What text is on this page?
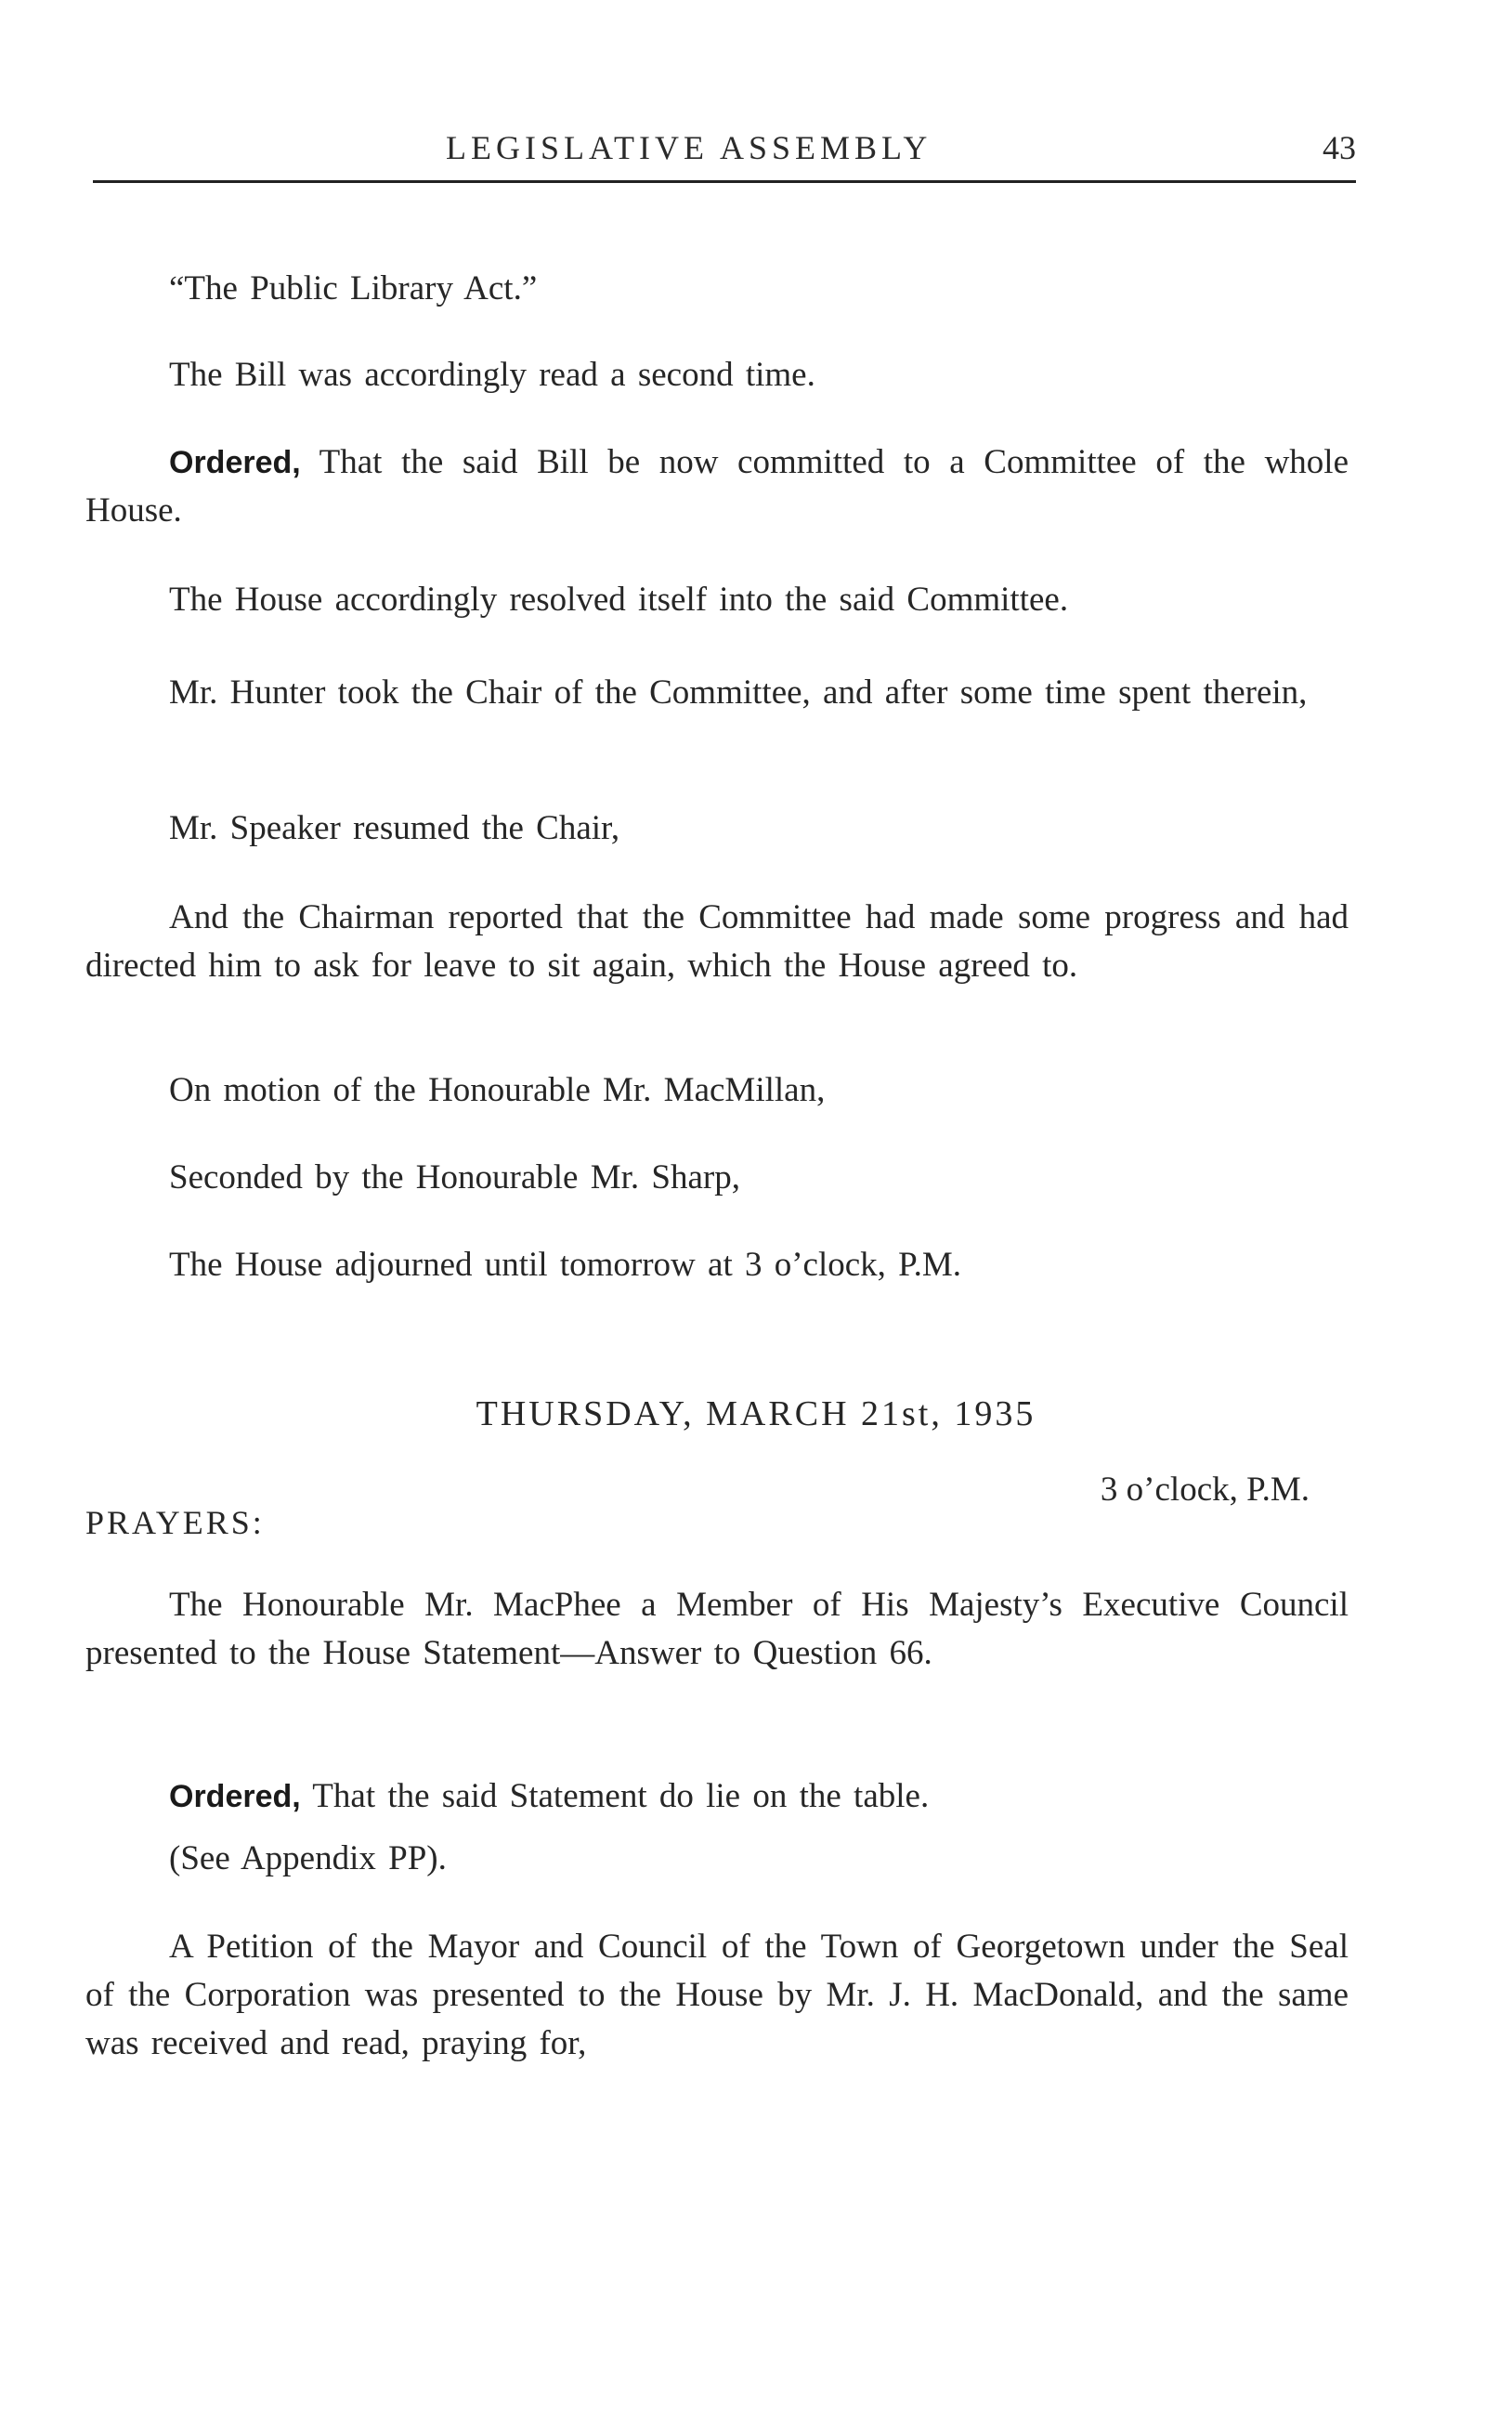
LEGISLATIVE ASSEMBLY	43
“The Public Library Act.”
The Bill was accordingly read a second time.
Ordered, That the said Bill be now committed to a Committee of the whole House.
The House accordingly resolved itself into the said Committee.
Mr. Hunter took the Chair of the Committee, and after some time spent therein,
Mr. Speaker resumed the Chair,
And the Chairman reported that the Committee had made some progress and had directed him to ask for leave to sit again, which the House agreed to.
On motion of the Honourable Mr. MacMillan,
Seconded by the Honourable Mr. Sharp,
The House adjourned until tomorrow at 3 o’clock, P.M.
THURSDAY, MARCH 21st, 1935
3 o’clock, P.M.
PRAYERS:
The Honourable Mr. MacPhee a Member of His Majesty’s Executive Council presented to the House Statement—Answer to Question 66.
Ordered, That the said Statement do lie on the table.
(See Appendix PP).
A Petition of the Mayor and Council of the Town of Georgetown under the Seal of the Corporation was presented to the House by Mr. J. H. MacDonald, and the same was received and read, praying for,
